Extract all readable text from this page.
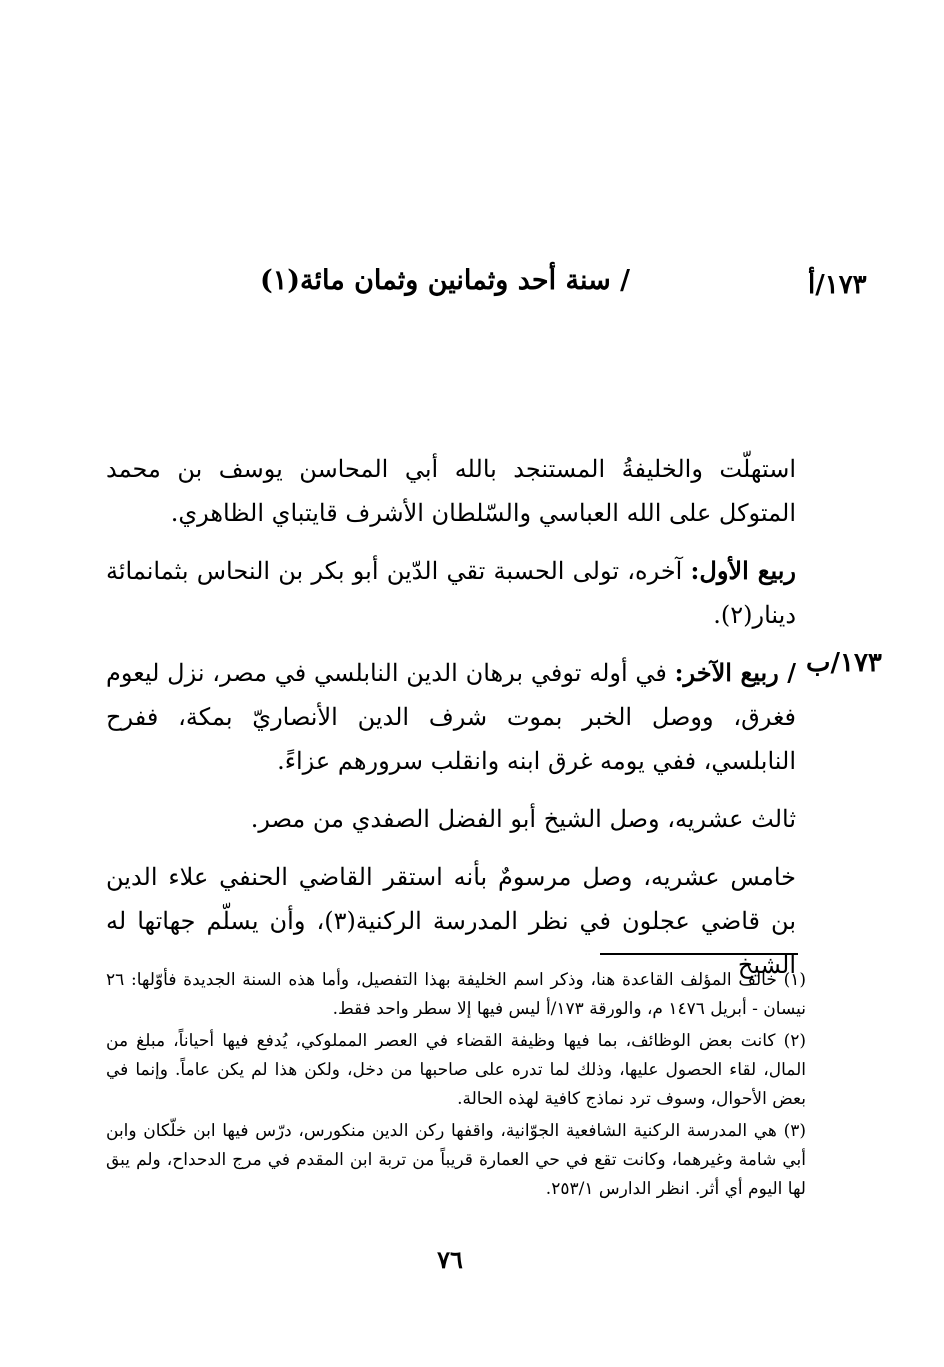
١٧٣/أ
/ سنة أحد وثمانين وثمان مائة(١)
١٧٣/ب

استهلّت والخليفةُ المستنجد بالله أبي المحاسن يوسف بن محمد المتوكل على الله العباسي والسّلطان الأشرف قايتباي الظاهري.

ربيع الأول: آخره، تولى الحسبة تقي الدّين أبو بكر بن النحاس بثمانمائة دينار(٢).

/ ربيع الآخر: في أوله توفي برهان الدين النابلسي في مصر، نزل ليعوم فغرق، ووصل الخبر بموت شرف الدين الأنصاريّ بمكة، ففرح النابلسي، ففي يومه غرق ابنه وانقلب سرورهم عزاءً.

ثالث عشريه، وصل الشيخ أبو الفضل الصفدي من مصر.

خامس عشريه، وصل مرسومٌ بأنه استقر القاضي الحنفي علاء الدين بن قاضي عجلون في نظر المدرسة الركنية(٣)، وأن يسلّم جهاتها له الشيخ

(١) خالف المؤلف القاعدة هنا، وذكر اسم الخليفة بهذا التفصيل، وأما هذه السنة الجديدة فأوّلها: ٢٦ نيسان - أبريل ١٤٧٦ م، والورقة ١٧٣/أ ليس فيها إلا سطر واحد فقط.

(٢) كانت بعض الوظائف، بما فيها وظيفة القضاء في العصر المملوكي، يُدفع فيها أحياناً، مبلغ من المال، لقاء الحصول عليها، وذلك لما تدره على صاحبها من دخل، ولكن هذا لم يكن عاماً. وإنما في بعض الأحوال، وسوف ترد نماذج كافية لهذه الحالة.

(٣) هي المدرسة الركنية الشافعية الجوّانية، واقفها ركن الدين منكورس، درّس فيها ابن خلّكان وابن أبي شامة وغيرهما، وكانت تقع في حي العمارة قريباً من تربة ابن المقدم في مرج الدحداح، ولم يبق لها اليوم أي أثر. انظر الدارس ٢٥٣/١.

٧٦
